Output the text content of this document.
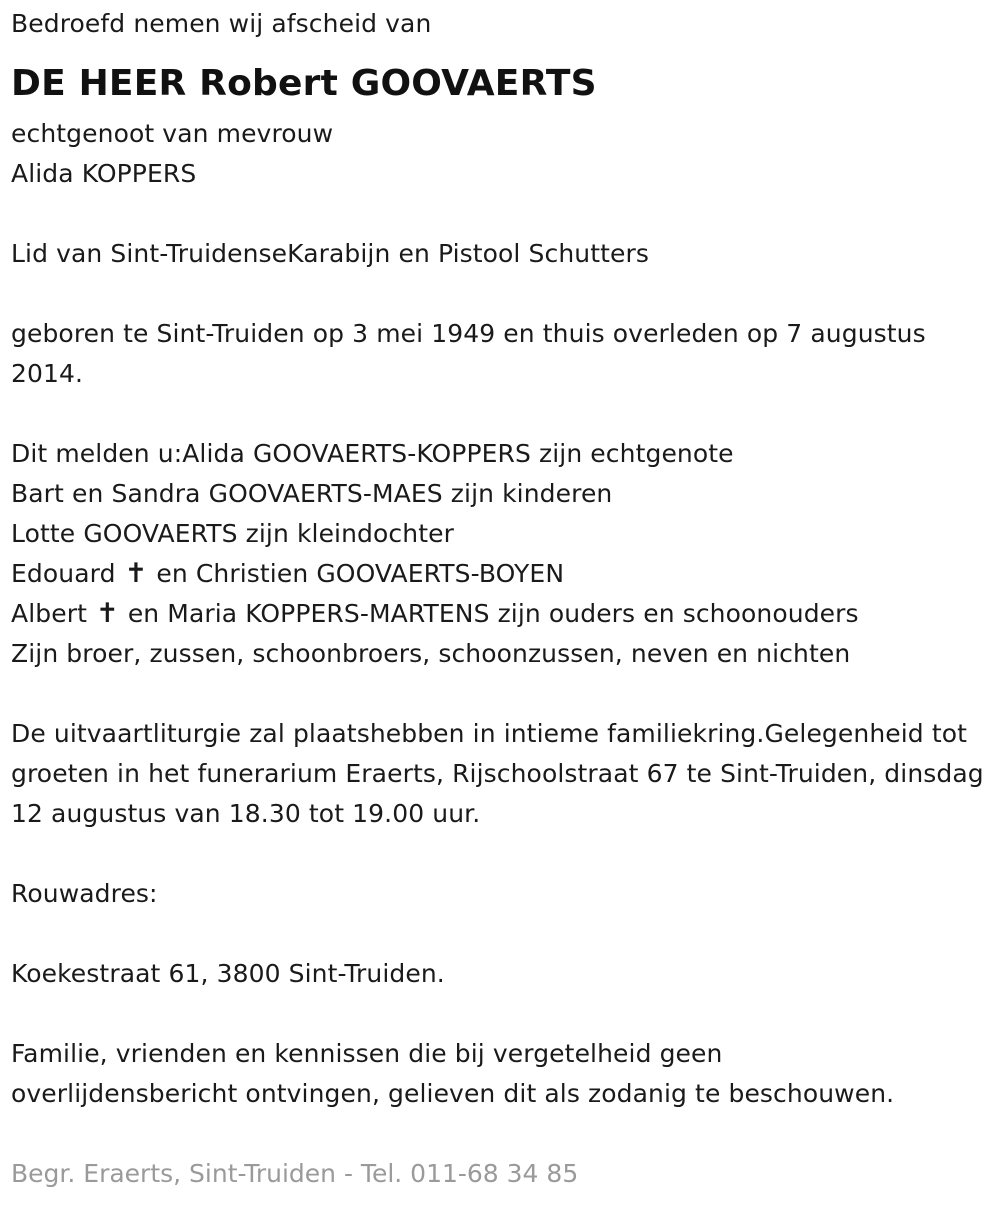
Bedroefd nemen wij afscheid van
DE HEER Robert GOOVAERTS
echtgenoot van mevrouw
Alida KOPPERS
Lid van Sint-TruidenseKarabijn en Pistool Schutters
geboren te Sint-Truiden op 3 mei 1949 en thuis overleden op 7 augustus 2014.
Dit melden u:Alida GOOVAERTS-KOPPERS zijn echtgenote
Bart en Sandra GOOVAERTS-MAES zijn kinderen
Lotte GOOVAERTS zijn kleindochter
Edouard ✝ en Christien GOOVAERTS-BOYEN
Albert ✝ en Maria KOPPERS-MARTENS zijn ouders en schoonouders
Zijn broer, zussen, schoonbroers, schoonzussen, neven en nichten
De uitvaartliturgie zal plaatshebben in intieme familiekring.Gelegenheid tot groeten in het funerarium Eraerts, Rijschoolstraat 67 te Sint-Truiden, dinsdag 12 augustus van 18.30 tot 19.00 uur.
Rouwadres:
Koekestraat 61, 3800 Sint-Truiden.
Familie, vrienden en kennissen die bij vergetelheid geen overlijdensbericht ontvingen, gelieven dit als zodanig te beschouwen.
Begr. Eraerts, Sint-Truiden - Tel. 011-68 34 85
